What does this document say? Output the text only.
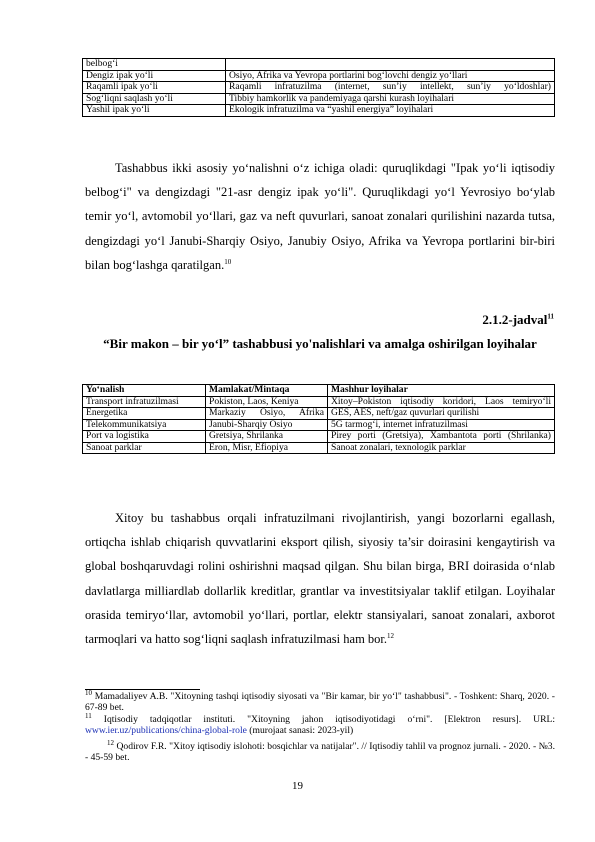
belbog‘i	
Dengiz ipak yo‘li	Osiyo, Afrika va Yevropa portlarini bog‘lovchi dengiz yo‘llari
Raqamli ipak yo‘li	Raqamli infratuzilma (internet, sun’iy intellekt, sun’iy yo‘ldoshlar)
Sog‘liqni saqlash yo‘li	Tibbiy hamkorlik va pandemiyaga qarshi kurash loyihalari
Yashil ipak yo‘li	Ekologik infratuzilma va “yashil energiya” loyihalari
Tashabbus ikki asosiy yo‘nalishni o‘z ichiga oladi: quruqlikdagi "Ipak yo‘li iqtisodiy belbog‘i" va dengizdagi "21-asr dengiz ipak yo‘li". Quruqlikdagi yo‘l Yevrosiyo bo‘ylab temir yo‘l, avtomobil yo‘llari, gaz va neft quvurlari, sanoat zonalari qurilishini nazarda tutsa, dengizdagi yo‘l Janubi-Sharqiy Osiyo, Janubiy Osiyo, Afrika va Yevropa portlarini bir-biri bilan bog‘lashga qaratilgan.$^{10}$
2.1.2-jadval$^{11}$
“Bir makon – bir yo‘l” tashabbusi yo'nalishlari va amalga oshirilgan loyihalar
Yo‘nalish	Mamlakat/Mintaqa	Mashhur loyihalar
Transport infratuzilmasi	Pokiston, Laos, Keniya	Xitoy–Pokiston iqtisodiy koridori, Laos temiryo‘li
Energetika	Markaziy Osiyo, Afrika	GES, AES, neft/gaz quvurlari qurilishi
Telekommunikatsiya	Janubi-Sharqiy Osiyo	5G tarmog‘i, internet infratuzilmasi
Port va logistika	Gretsiya, Shrilanka	Pirey porti (Gretsiya), Xambantota porti (Shrilanka)
Sanoat parklar	Eron, Misr, Efiopiya	Sanoat zonalari, texnologik parklar
Xitoy bu tashabbus orqali infratuzilmani rivojlantirish, yangi bozorlarni egallash, ortiqcha ishlab chiqarish quvvatlarini eksport qilish, siyosiy ta’sir doirasini kengaytirish va global boshqaruvdagi rolini oshirishni maqsad qilgan. Shu bilan birga, BRI doirasida o‘nlab davlatlarga milliardlab dollarlik kreditlar, grantlar va investitsiyalar taklif etilgan. Loyihalar orasida temiryo‘llar, avtomobil yo‘llari, portlar, elektr stansiyalari, sanoat zonalari, axborot tarmoqlari va hatto sog‘liqni saqlash infratuzilmasi ham bor.$^{12}$
$^{10}$ Mamadaliyev A.B. "Xitoyning tashqi iqtisodiy siyosati va "Bir kamar, bir yo‘l" tashabbusi". - Toshkent: Sharq, 2020. - 67-89 bet.
$^{11}$ Iqtisodiy tadqiqotlar instituti. "Xitoyning jahon iqtisodiyotidagi o‘rni". [Elektron resurs]. URL: www.ier.uz/publications/china-global-role (murojaat sanasi: 2023-yil)
$^{12}$ Qodirov F.R. "Xitoy iqtisodiy islohoti: bosqichlar va natijalar". // Iqtisodiy tahlil va prognoz jurnali. - 2020. - №3. - 45-59 bet.
19
